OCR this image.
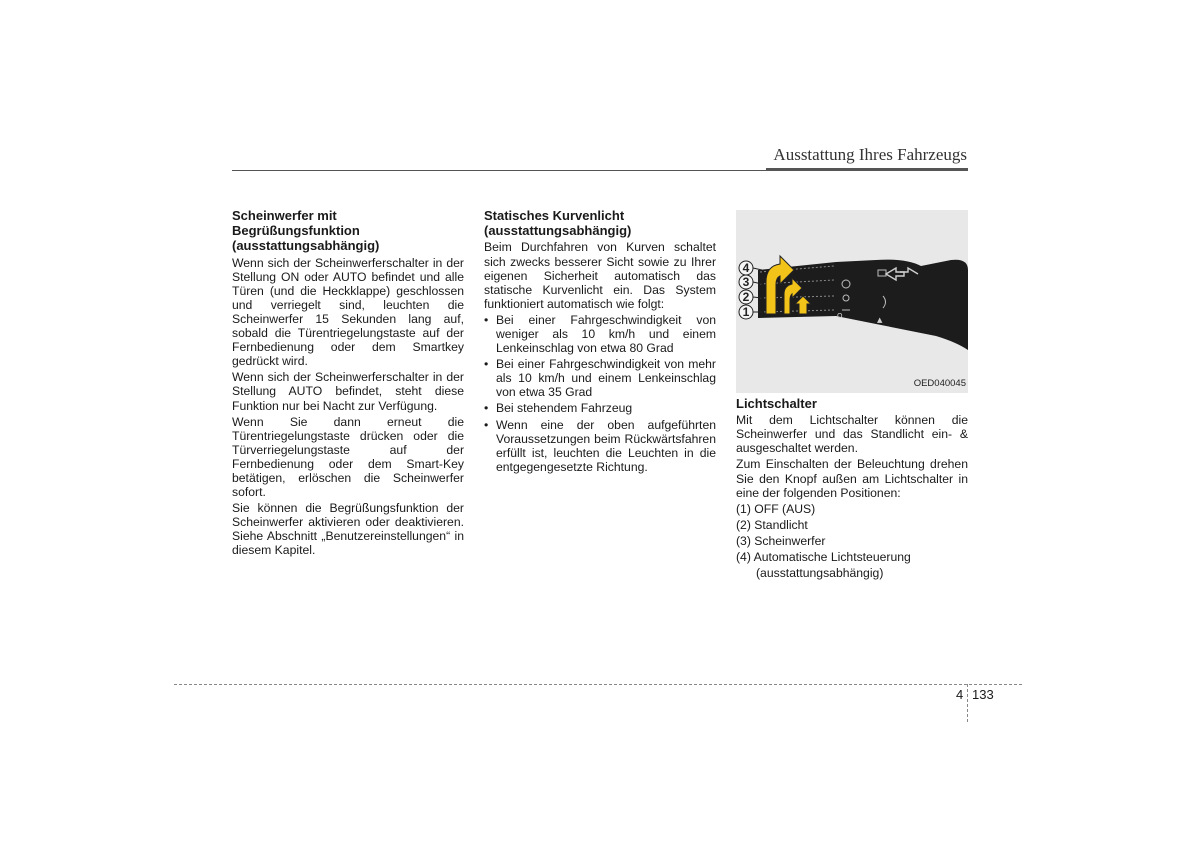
Ausstattung Ihres Fahrzeugs
Scheinwerfer mit Begrüßungsfunktion (ausstattungsabhängig)

Wenn sich der Scheinwerferschalter in der Stellung ON oder AUTO befindet und alle Türen (und die Heckklappe) geschlossen und verriegelt sind, leuchten die Scheinwerfer 15 Sekunden lang auf, sobald die Türentriegelungstaste auf der Fernbedienung oder dem Smartkey gedrückt wird.

Wenn sich der Scheinwerferschalter in der Stellung AUTO befindet, steht diese Funktion nur bei Nacht zur Verfügung.

Wenn Sie dann erneut die Türentriegelungstaste drücken oder die Türverriegelungstaste auf der Fernbedienung oder dem Smart-Key betätigen, erlöschen die Scheinwerfer sofort.

Sie können die Begrüßungsfunktion der Scheinwerfer aktivieren oder deaktivieren. Siehe Abschnitt „Benutzereinstellungen“ in diesem Kapitel.

Statisches Kurvenlicht (ausstattungsabhängig)

Beim Durchfahren von Kurven schaltet sich zwecks besserer Sicht sowie zu Ihrer eigenen Sicherheit automatisch das statische Kurvenlicht ein. Das System funktioniert automatisch wie folgt:

• Bei einer Fahrgeschwindigkeit von weniger als 10 km/h und einem Lenkeinschlag von etwa 80 Grad
• Bei einer Fahrgeschwindigkeit von mehr als 10 km/h und einem Lenkeinschlag von etwa 35 Grad
• Bei stehendem Fahrzeug
• Wenn eine der oben aufgeführten Voraussetzungen beim Rückwärtsfahren erfüllt ist, leuchten die Leuchten in die entgegengesetzte Richtung.
O	▲
4
3
2
1
OED040045
Lichtschalter

Mit dem Lichtschalter können die Scheinwerfer und das Standlicht ein- & ausgeschaltet werden.

Zum Einschalten der Beleuchtung drehen Sie den Knopf außen am Lichtschalter in eine der folgenden Positionen:

(1) OFF (AUS)
(2) Standlicht
(3) Scheinwerfer
(4) Automatische Lichtsteuerung
(ausstattungsabhängig)
4 133
